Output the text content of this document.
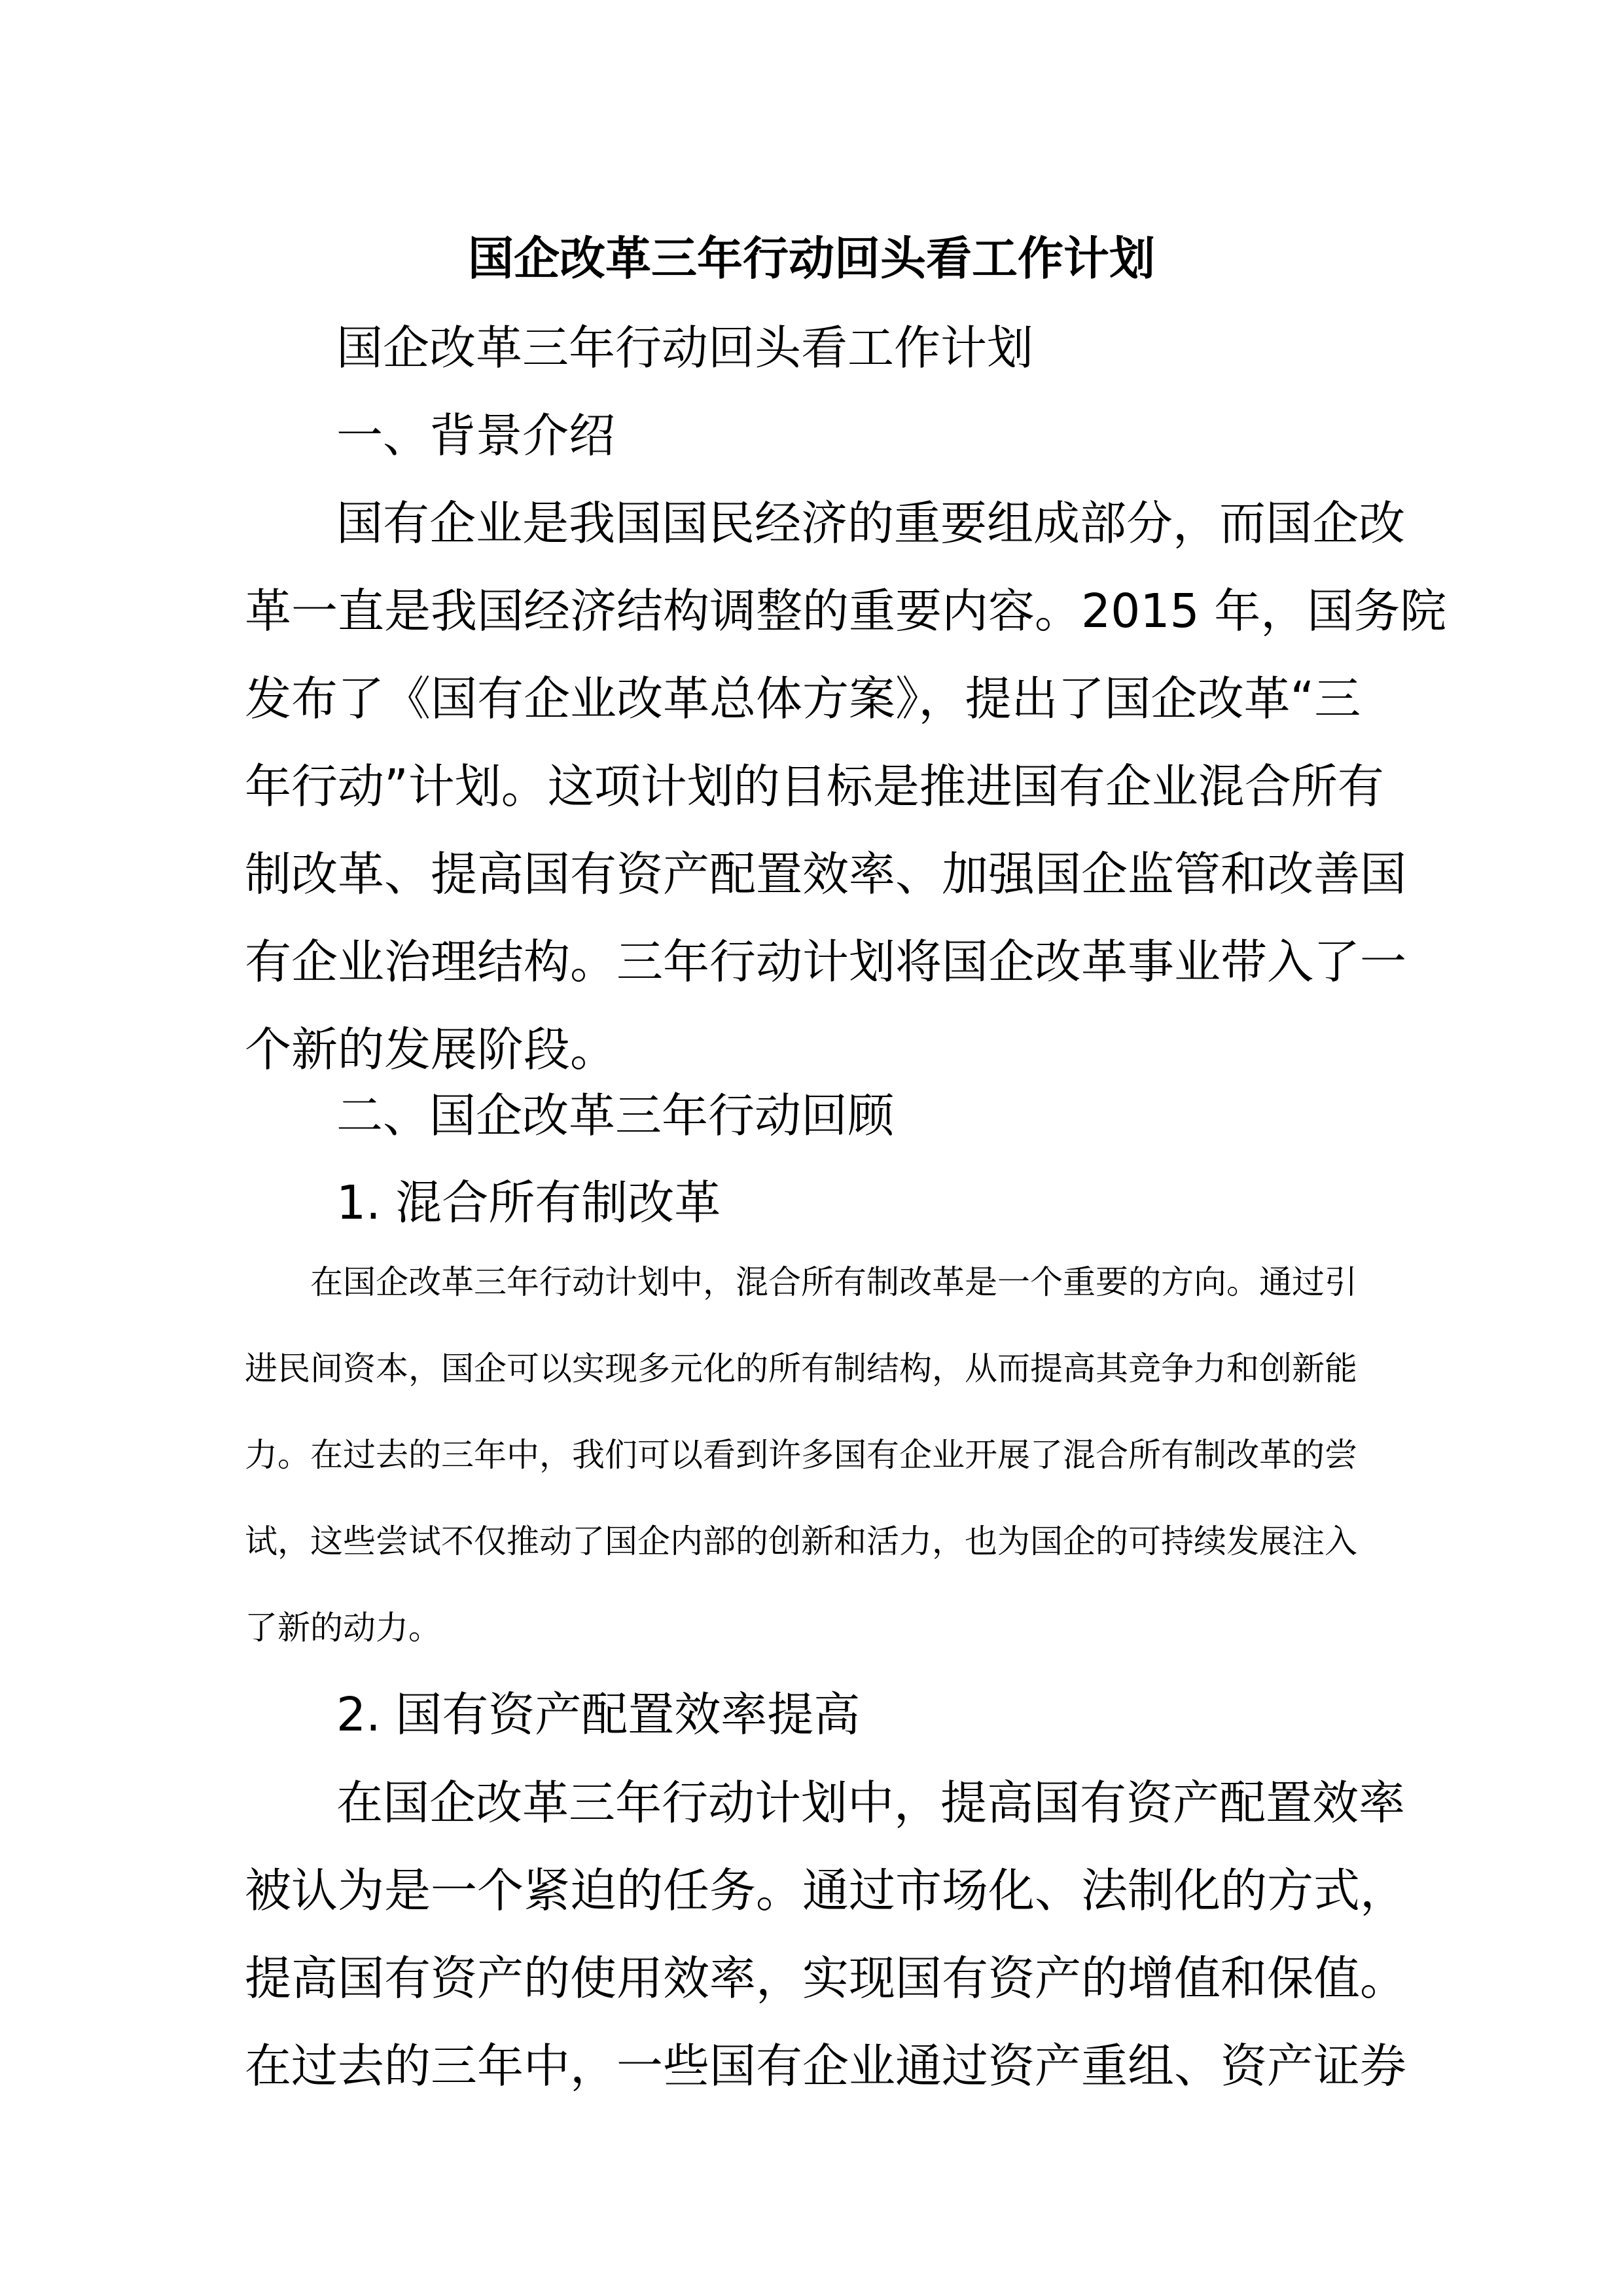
国企改革三年行动回头看工作计划

国企改革三年行动回头看工作计划

一、背景介绍

国有企业是我国国民经济的重要组成部分，而国企改
革一直是我国经济结构调整的重要内容。2015 年，国务院
发布了《国有企业改革总体方案》，提出了国企改革“三
年行动”计划。这项计划的目标是推进国有企业混合所有
制改革、提高国有资产配置效率、加强国企监管和改善国
有企业治理结构。三年行动计划将国企改革事业带入了一
个新的发展阶段。

二、国企改革三年行动回顾

1. 混合所有制改革

在国企改革三年行动计划中，混合所有制改革是一个重要的方向。通过引
进民间资本，国企可以实现多元化的所有制结构，从而提高其竞争力和创新能
力。在过去的三年中，我们可以看到许多国有企业开展了混合所有制改革的尝
试，这些尝试不仅推动了国企内部的创新和活力，也为国企的可持续发展注入
了新的动力。

2. 国有资产配置效率提高

在国企改革三年行动计划中，提高国有资产配置效率
被认为是一个紧迫的任务。通过市场化、法制化的方式，
提高国有资产的使用效率，实现国有资产的增值和保值。
在过去的三年中，一些国有企业通过资产重组、资产证券
